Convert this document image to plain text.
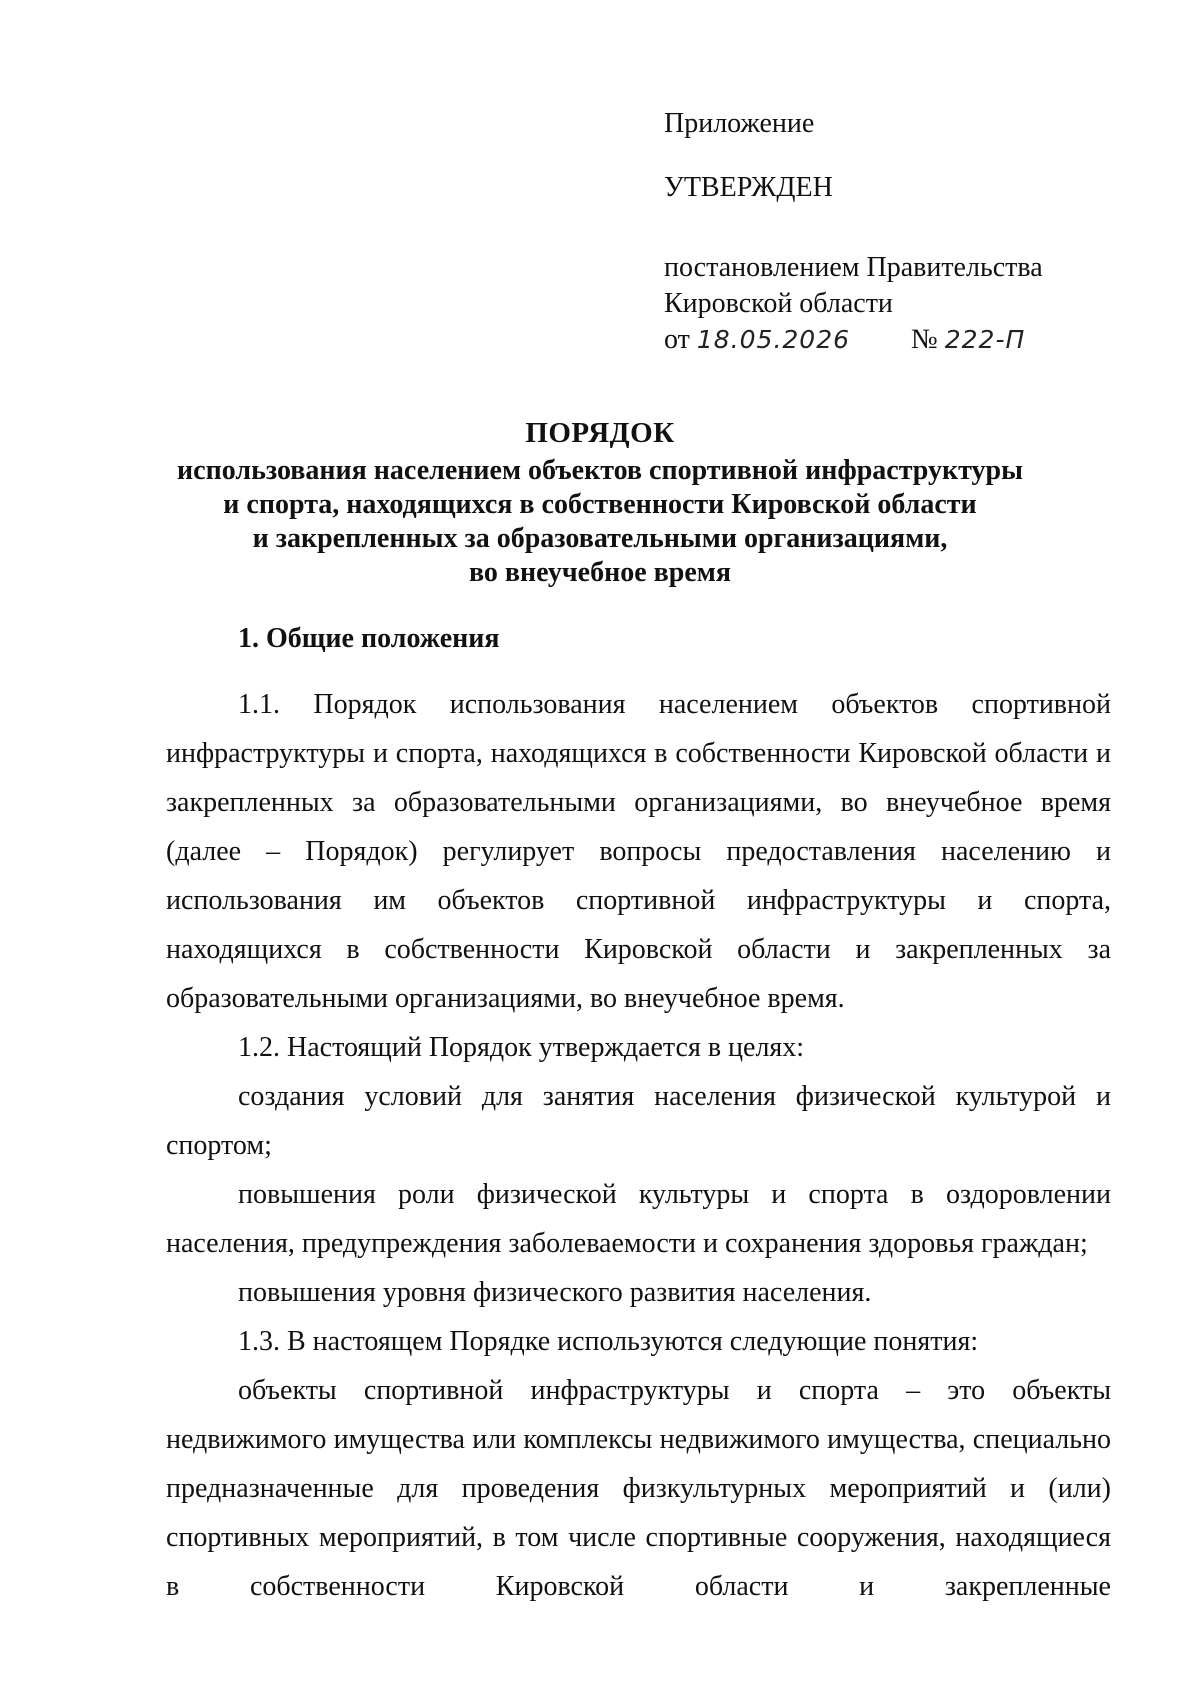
Приложение
УТВЕРЖДЕН
постановлением Правительства
Кировской области
от 18.05.2026 № 222-П
ПОРЯДОК
использования населением объектов спортивной инфраструктуры
и спорта, находящихся в собственности Кировской области
и закрепленных за образовательными организациями,
во внеучебное время
1. Общие положения

1.1. Порядок использования населением объектов спортивной инфраструктуры и спорта, находящихся в собственности Кировской области и закрепленных за образовательными организациями, во внеучебное время (далее – Порядок) регулирует вопросы предоставления населению и использования им объектов спортивной инфраструктуры и спорта, находящихся в собственности Кировской области и закрепленных за образовательными организациями, во внеучебное время.

1.2. Настоящий Порядок утверждается в целях:

создания условий для занятия населения физической культурой и спортом;

повышения роли физической культуры и спорта в оздоровлении населения, предупреждения заболеваемости и сохранения здоровья граждан;

повышения уровня физического развития населения.

1.3. В настоящем Порядке используются следующие понятия:

объекты спортивной инфраструктуры и спорта – это объекты недвижимого имущества или комплексы недвижимого имущества, специально предназначенные для проведения физкультурных мероприятий и (или) спортивных мероприятий, в том числе спортивные сооружения, находящиеся в собственности Кировской области и закрепленные
